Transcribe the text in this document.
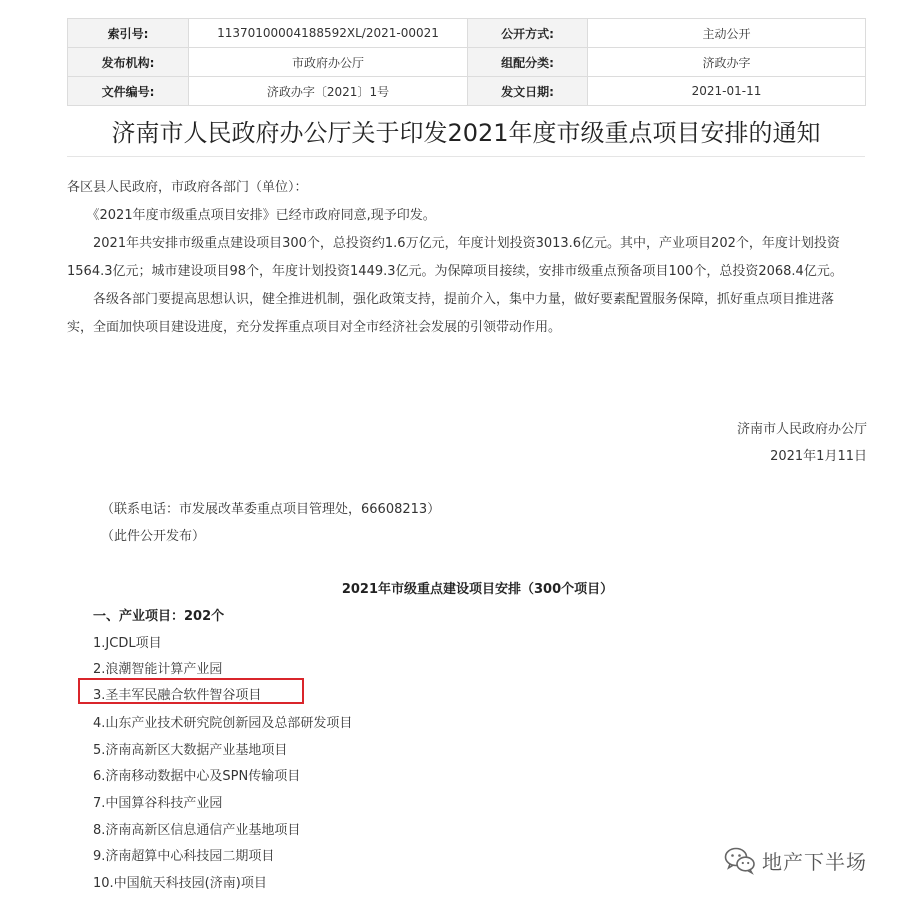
索引号:	11370100004188592XL/2021-00021	公开方式:	主动公开
发布机构:	市政府办公厅	组配分类:	济政办字
文件编号:	济政办字〔2021〕1号	发文日期:	2021-01-11
济南市人民政府办公厅关于印发2021年度市级重点项目安排的通知
各区县人民政府，市政府各部门（单位）：
　　《2021年度市级重点项目安排》已经市政府同意,现予印发。
　　2021年共安排市级重点建设项目300个，总投资约1.6万亿元，年度计划投资3013.6亿元。其中，产业项目202个，年度计划投资
1564.3亿元；城市建设项目98个，年度计划投资1449.3亿元。为保障项目接续，安排市级重点预备项目100个，总投资2068.4亿元。
　　各级各部门要提高思想认识，健全推进机制，强化政策支持，提前介入，集中力量，做好要素配置服务保障，抓好重点项目推进落
实，全面加快项目建设进度，充分发挥重点项目对全市经济社会发展的引领带动作用。
济南市人民政府办公厅
2021年1月11日
（联系电话：市发展改革委重点项目管理处，66608213）
（此件公开发布）
2021年市级重点建设项目安排（300个项目）
一、产业项目：202个
1.JCDL项目
2.浪潮智能计算产业园
3.圣丰军民融合软件智谷项目
4.山东产业技术研究院创新园及总部研发项目
5.济南高新区大数据产业基地项目
6.济南移动数据中心及SPN传输项目
7.中国算谷科技产业园
8.济南高新区信息通信产业基地项目
9.济南超算中心科技园二期项目
10.中国航天科技园(济南)项目
地产下半场
